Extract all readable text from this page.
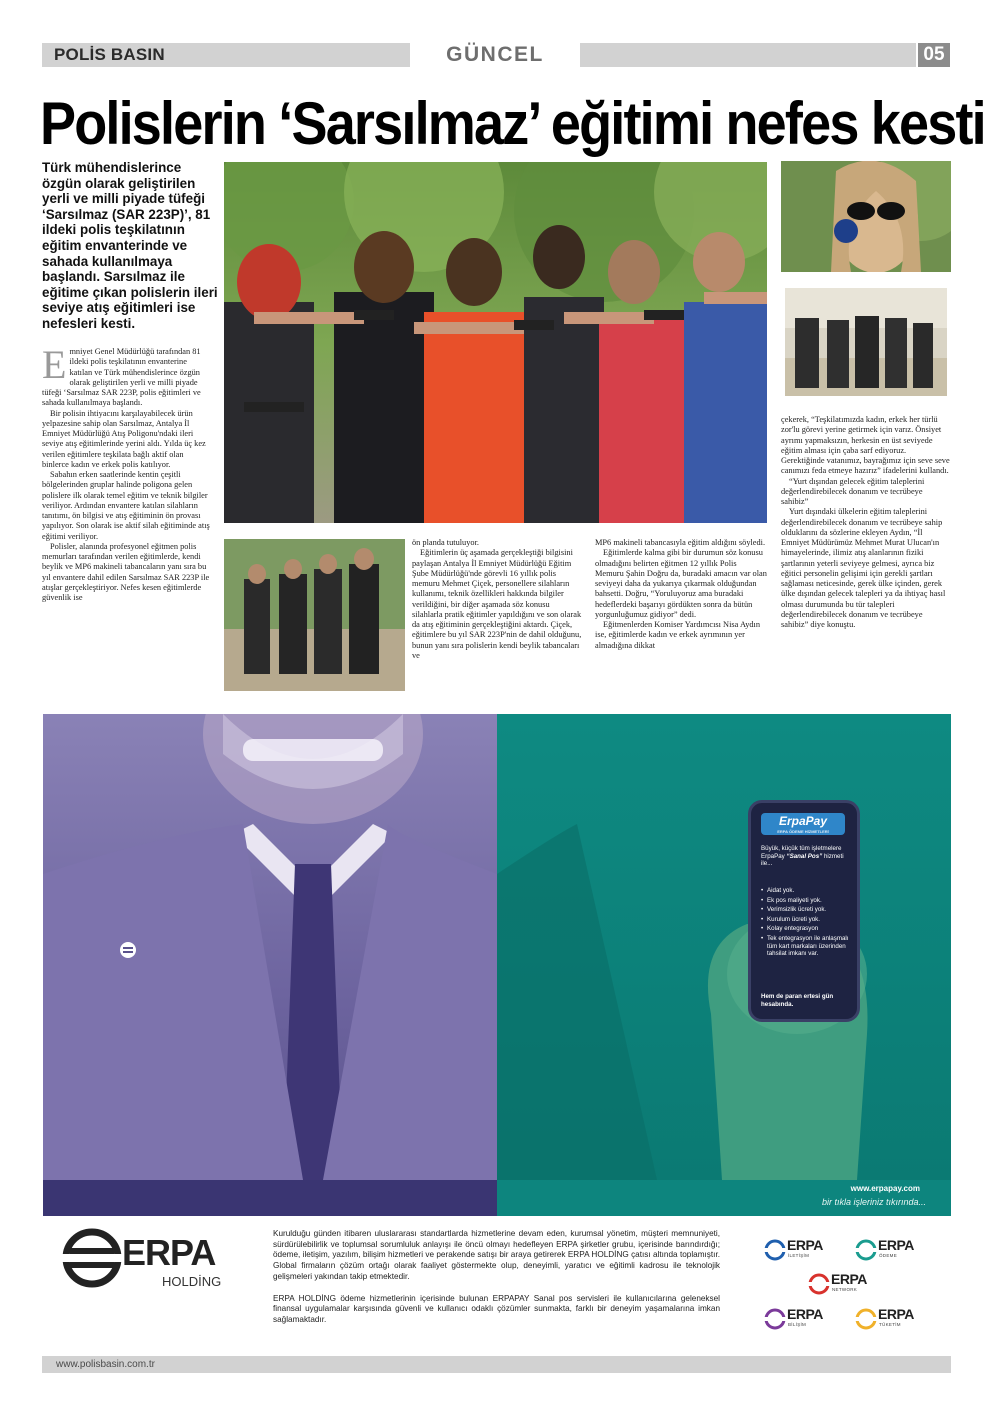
POLİS BASIN	GÜNCEL	05
Polislerin ‘Sarsılmaz’ eğitimi nefes kesti
Türk mühendislerince özgün olarak geliştirilen yerli ve milli piyade tüfeği ‘Sarsılmaz (SAR 223P)’, 81 ildeki polis teşkilatının eğitim envanterinde ve sahada kullanılmaya başlandı. Sarsılmaz ile eğitime çıkan polislerin ileri seviye atış eğitimleri ise nefesleri kesti.
E mniyet Genel Müdürlüğü tarafından 81 ildeki polis teşkilatının envanterine katılan ve Türk mühendislerince özgün olarak geliştirilen yerli ve milli piyade tüfeği ‘Sarsılmaz SAR 223P, polis eğitimleri ve sahada kullanılmaya başlandı.

Bir polisin ihtiyacını karşılayabilecek ürün yelpazesine sahip olan Sarsılmaz, Antalya İl Emniyet Müdürlüğü Atış Poligonu'ndaki ileri seviye atış eğitimlerinde yerini aldı. Yılda üç kez verilen eğitimlere teşkilata bağlı aktif olan binlerce kadın ve erkek polis katılıyor.

Sabahın erken saatlerinde kentin çeşitli bölgelerinden gruplar halinde poligona gelen polislere ilk olarak temel eğitim ve teknik bilgiler veriliyor. Ardından envantere katılan silahların tanıtımı, ön bilgisi ve atış eğitiminin ön provası yapılıyor. Son olarak ise aktif silah eğitiminde atış eğitimi veriliyor.

Polisler, alanında profesyonel eğitmen polis memurları tarafından verilen eğitimlerde, kendi beylik ve MP6 makineli tabancaların yanı sıra bu yıl envantere dahil edilen Sarsılmaz SAR 223P ile atışlar gerçekleştiriyor. Nefes kesen eğitimlerde güvenlik ise

ön planda tutuluyor.

Eğitimlerin üç aşamada gerçekleştiği bilgisini paylaşan Antalya İl Emniyet Müdürlüğü Eğitim Şube Müdürlüğü'nde görevli 16 yıllık polis memuru Mehmet Çiçek, personellere silahların kullanımı, teknik özellikleri hakkında bilgiler verildiğini, bir diğer aşamada söz konusu silahlarla pratik eğitimler yapıldığını ve son olarak da atış eğitiminin gerçekleştiğini aktardı. Çiçek, eğitimlere bu yıl SAR 223P'nin de dahil olduğunu, bunun yanı sıra polislerin kendi beylik tabancaları ve

MP6 makineli tabancasıyla eğitim aldığını söyledi.

Eğitimlerde kalma gibi bir durumun söz konusu olmadığını belirten eğitmen 12 yıllık Polis Memuru Şahin Doğru da, buradaki amacın var olan seviyeyi daha da yukarıya çıkarmak olduğundan bahsetti. Doğru, “Yoruluyoruz ama buradaki hedeflerdeki başarıyı gördükten sonra da bütün yorgunluğumuz gidiyor” dedi.

Eğitmenlerden Komiser Yardımcısı Nisa Aydın ise, eğitimlerde kadın ve erkek ayrımının yer almadığına dikkat

çekerek, “Teşkilatımızda kadın, erkek her türlü zor'lu görevi yerine getirmek için varız. Önsiyet ayrımı yapmaksızın, herkesin en üst seviyede eğitim alması için çaba sarf ediyoruz. Gerektiğinde vatanımız, bayrağımız için seve seve canımızı feda etmeye hazırız” ifadelerini kullandı.

“Yurt dışından gelecek eğitim taleplerini değerlendirebilecek donanım ve tecrübeye sahibiz”

Yurt dışındaki ülkelerin eğitim taleplerini değerlendirebilecek donanım ve tecrübeye sahip olduklarını da sözlerine ekleyen Aydın, “İl Emniyet Müdürümüz Mehmet Murat Ulucan'ın himayelerinde, ilimiz atış alanlarının fiziki şartlarının yeterli seviyeye gelmesi, ayrıca biz eğitici personelin gelişimi için gerekli şartları sağlaması neticesinde, gerek ülke içinden, gerek ülke dışından gelecek talepleri ya da ihtiyaç hasıl olması durumunda bu tür talepleri değerlendirebilecek donanım ve tecrübeye sahibiz” diye konuştu.

ErpaPay
ERPA ÖDEME HİZMETLERİ
Büyük, küçük tüm işletmelere ErpaPay “Sanal Pos” hizmeti ile...
• Aidat yok.
• Ek pos maliyeti yok.
• Verimsizlik ücreti yok.
• Kurulum ücreti yok.
• Kolay entegrasyon
• Tek entegrasyon ile anlaşmalı tüm kart markaları üzerinden tahsilat imkanı var.
Hem de paran ertesi gün hesabında.
www.erpapay.com
bir tıkla işleriniz tıkırında...
ERPA
HOLDİNG

Kurulduğu günden itibaren uluslararası standartlarda hizmetlerine devam eden, kurumsal yönetim, müşteri memnuniyeti, sürdürülebilirlik ve toplumsal sorumluluk anlayışı ile öncü olmayı hedefleyen ERPA şirketler grubu, içerisinde barındırdığı; ödeme, iletişim, yazılım, bilişim hizmetleri ve perakende satışı bir araya getirerek ERPA HOLDİNG çatısı altında toplamıştır. Global firmaların çözüm ortağı olarak faaliyet göstermekte olup, deneyimli, yaratıcı ve eğitimli kadrosu ile teknolojik gelişmeleri yakından takip etmektedir.

ERPA HOLDİNG ödeme hizmetlerinin içerisinde bulunan ERPAPAY Sanal pos servisleri ile kullanıcılarına geleneksel finansal uygulamalar karşısında güvenli ve kullanıcı odaklı çözümler sunmakta, farklı bir deneyim yaşamalarına imkan sağlamaktadır.

ERPA
İLETİŞİM
ERPA
ÖDEME
ERPA
NETWORK
ERPA
BİLİŞİM
ERPA
TÜKETİM
www.polisbasin.com.tr
